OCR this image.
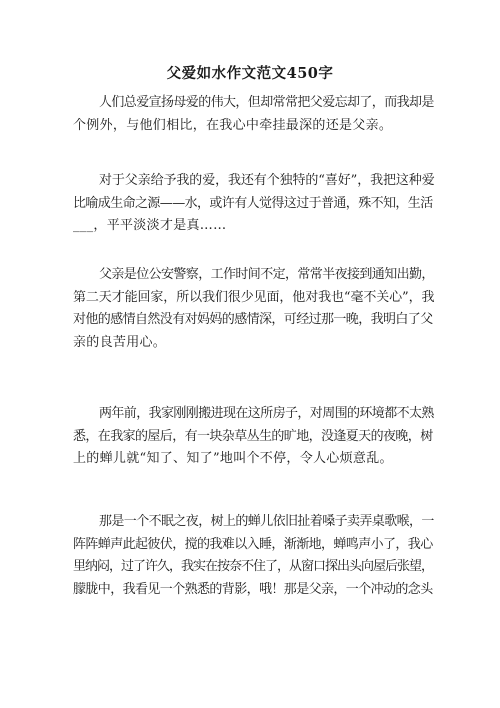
父爱如水作文范文450字
人们总爱宣扬母爱的伟大，但却常常把父爱忘却了，而我却是
个例外，与他们相比，在我心中牵挂最深的还是父亲。
对于父亲给予我的爱，我还有个独特的“喜好”，我把这种爱
比喻成生命之源——水，或许有人觉得这过于普通，殊不知，生活
___，平平淡淡才是真……
父亲是位公安警察，工作时间不定，常常半夜接到通知出勤，
第二天才能回家，所以我们很少见面，他对我也“毫不关心”，我
对他的感情自然没有对妈妈的感情深，可经过那一晚，我明白了父
亲的良苦用心。
两年前，我家刚刚搬进现在这所房子，对周围的环境都不太熟
悉，在我家的屋后，有一块杂草丛生的旷地，没逢夏天的夜晚，树
上的蝉儿就“知了、知了”地叫个不停，令人心烦意乱。
那是一个不眠之夜，树上的蝉儿依旧扯着嗓子卖弄桌歌喉，一
阵阵蝉声此起彼伏，搅的我难以入睡，渐渐地，蝉鸣声小了，我心
里纳闷，过了许久，我实在按奈不住了，从窗口探出头向屋后张望，
朦胧中，我看见一个熟悉的背影，哦！那是父亲，一个冲动的念头
